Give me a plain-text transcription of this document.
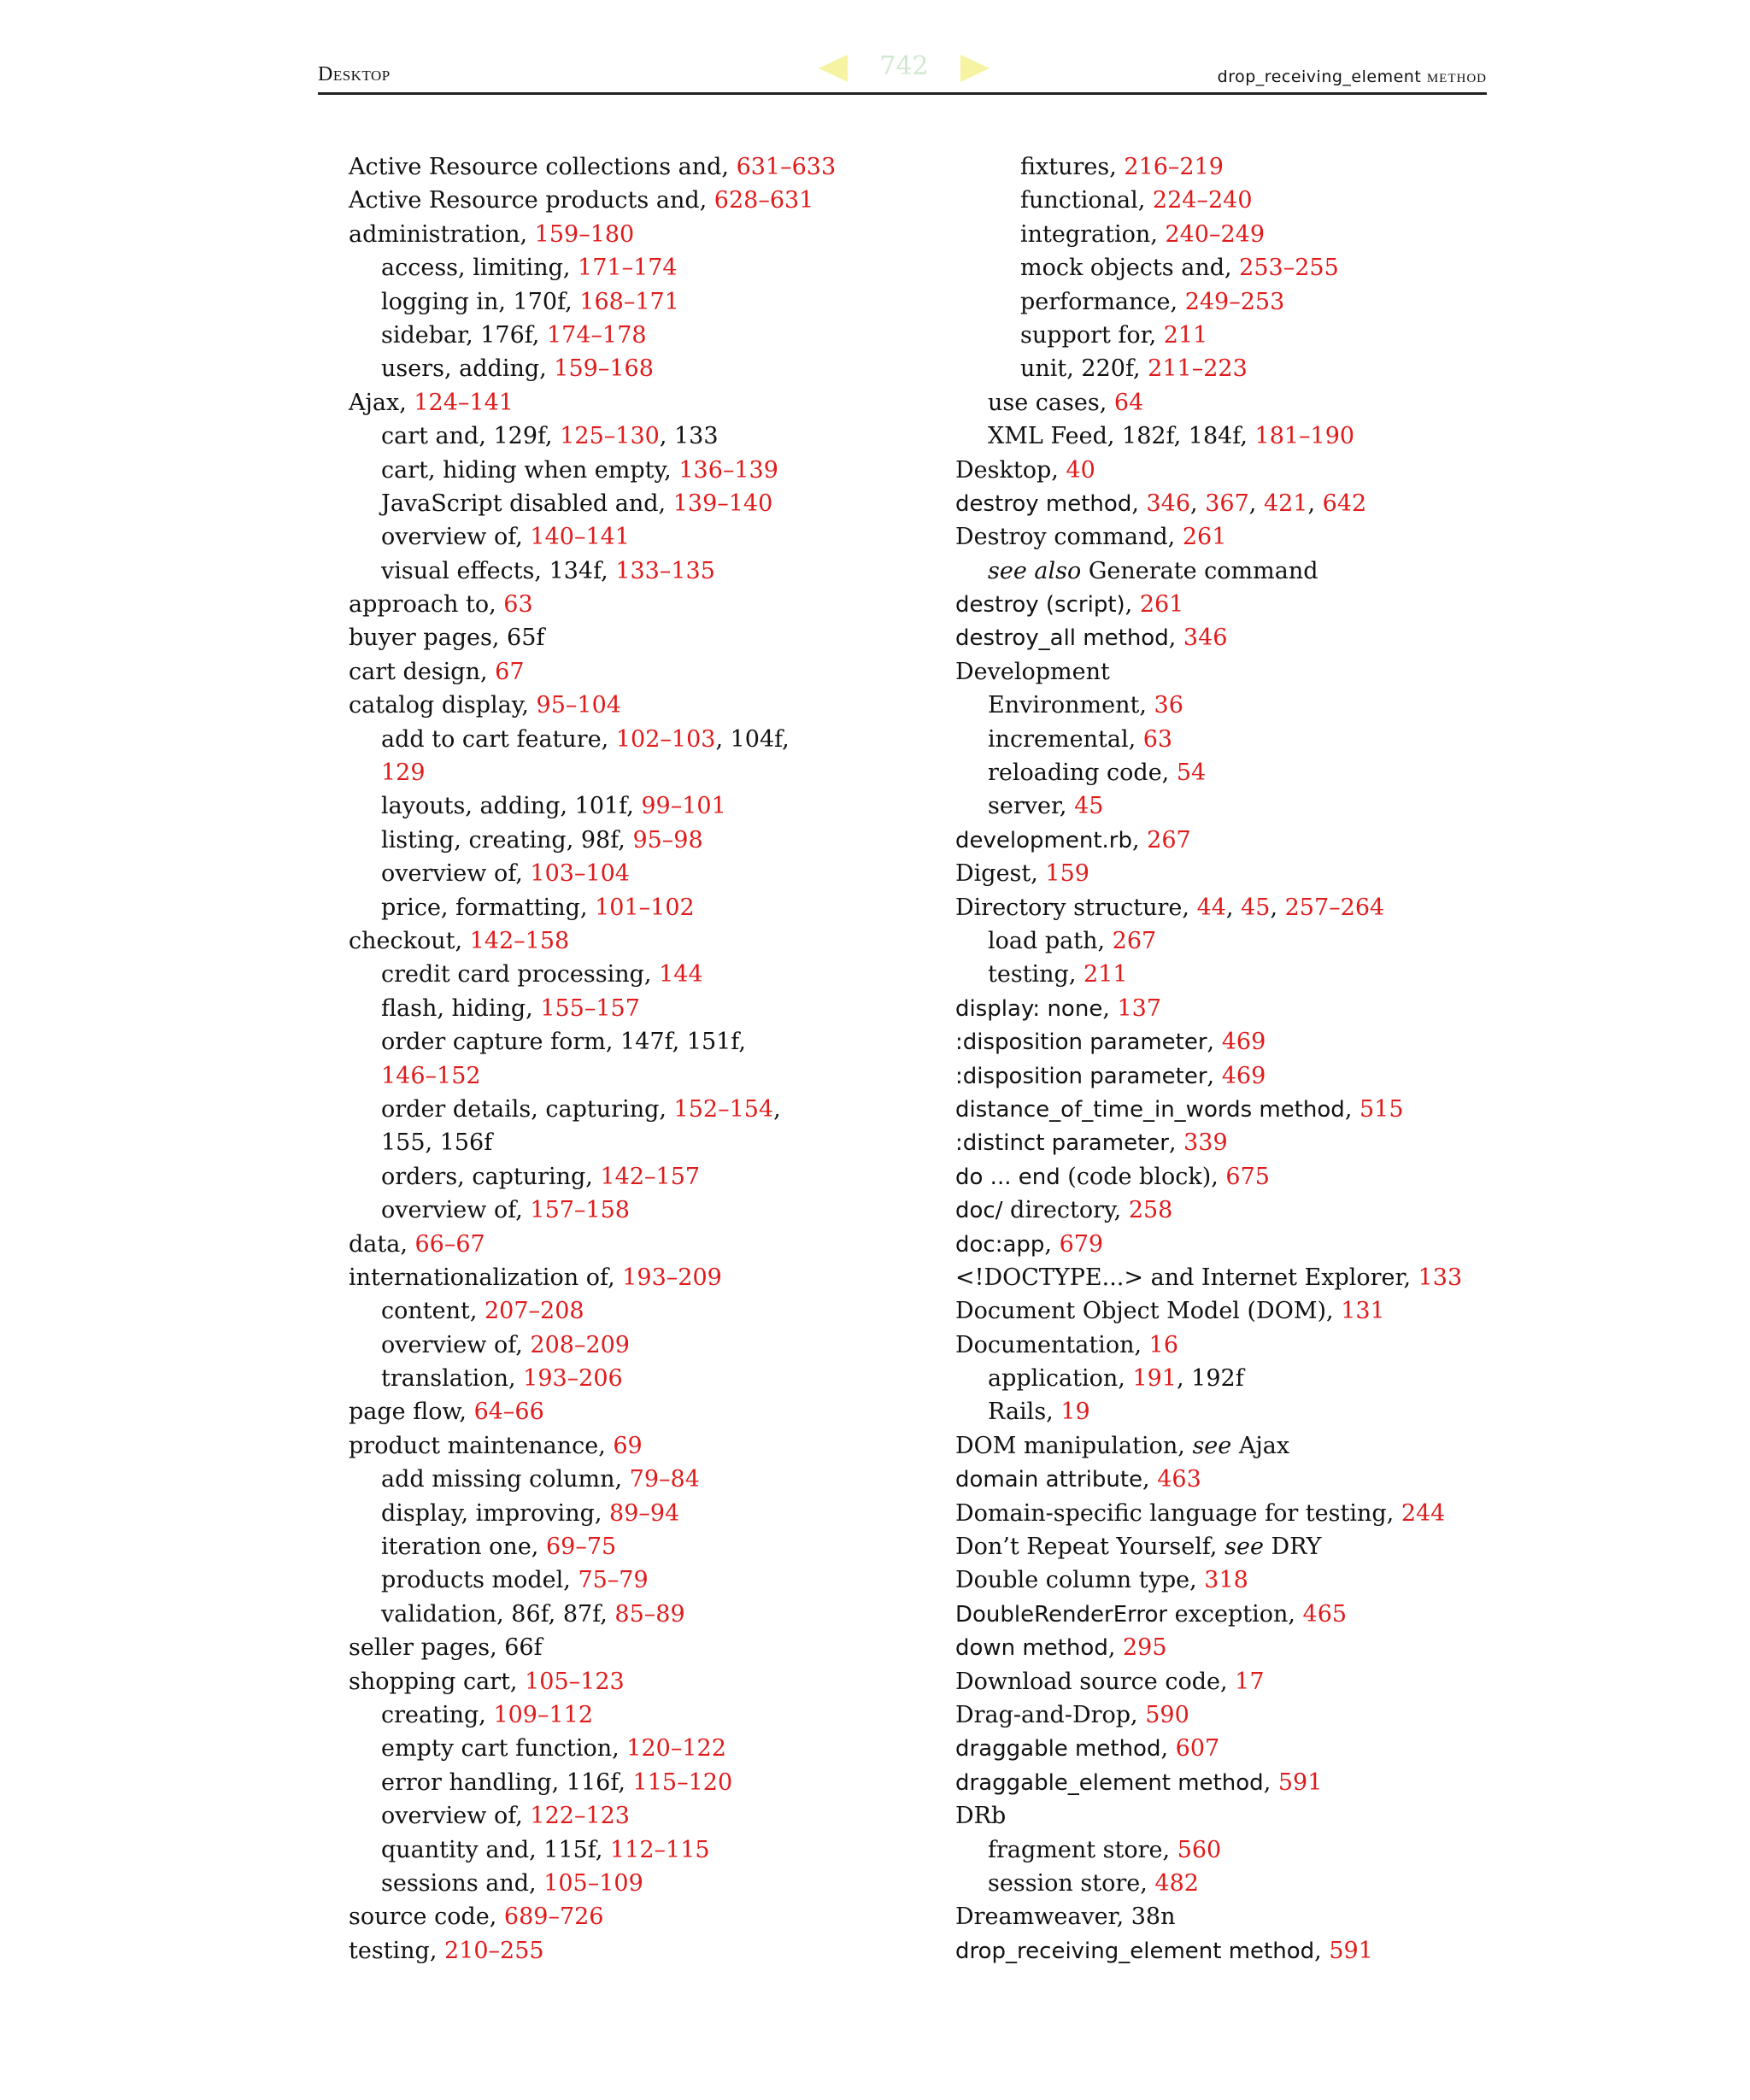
Desktop	drop_receiving_element method
742
Active Resource collections and, 631–633
Active Resource products and, 628–631
administration, 159–180
access, limiting, 171–174
logging in, 170f, 168–171
sidebar, 176f, 174–178
users, adding, 159–168
Ajax, 124–141
cart and, 129f, 125–130, 133
cart, hiding when empty, 136–139
JavaScript disabled and, 139–140
overview of, 140–141
visual effects, 134f, 133–135
approach to, 63
buyer pages, 65f
cart design, 67
catalog display, 95–104
add to cart feature, 102–103, 104f,
129
layouts, adding, 101f, 99–101
listing, creating, 98f, 95–98
overview of, 103–104
price, formatting, 101–102
checkout, 142–158
credit card processing, 144
flash, hiding, 155–157
order capture form, 147f, 151f,
146–152
order details, capturing, 152–154,
155, 156f
orders, capturing, 142–157
overview of, 157–158
data, 66–67
internationalization of, 193–209
content, 207–208
overview of, 208–209
translation, 193–206
page flow, 64–66
product maintenance, 69
add missing column, 79–84
display, improving, 89–94
iteration one, 69–75
products model, 75–79
validation, 86f, 87f, 85–89
seller pages, 66f
shopping cart, 105–123
creating, 109–112
empty cart function, 120–122
error handling, 116f, 115–120
overview of, 122–123
quantity and, 115f, 112–115
sessions and, 105–109
source code, 689–726
testing, 210–255
fixtures, 216–219
functional, 224–240
integration, 240–249
mock objects and, 253–255
performance, 249–253
support for, 211
unit, 220f, 211–223
use cases, 64
XML Feed, 182f, 184f, 181–190
Desktop, 40
destroy method, 346, 367, 421, 642
Destroy command, 261
see also Generate command
destroy (script), 261
destroy_all method, 346
Development
Environment, 36
incremental, 63
reloading code, 54
server, 45
development.rb, 267
Digest, 159
Directory structure, 44, 45, 257–264
load path, 267
testing, 211
display: none, 137
:disposition parameter, 469
:disposition parameter, 469
distance_of_time_in_words method, 515
:distinct parameter, 339
do ... end (code block), 675
doc/ directory, 258
doc:app, 679
<!DOCTYPE...> and Internet Explorer, 133
Document Object Model (DOM), 131
Documentation, 16
application, 191, 192f
Rails, 19
DOM manipulation, see Ajax
domain attribute, 463
Domain-specific language for testing, 244
Don’t Repeat Yourself, see DRY
Double column type, 318
DoubleRenderError exception, 465
down method, 295
Download source code, 17
Drag-and-Drop, 590
draggable method, 607
draggable_element method, 591
DRb
fragment store, 560
session store, 482
Dreamweaver, 38n
drop_receiving_element method, 591
